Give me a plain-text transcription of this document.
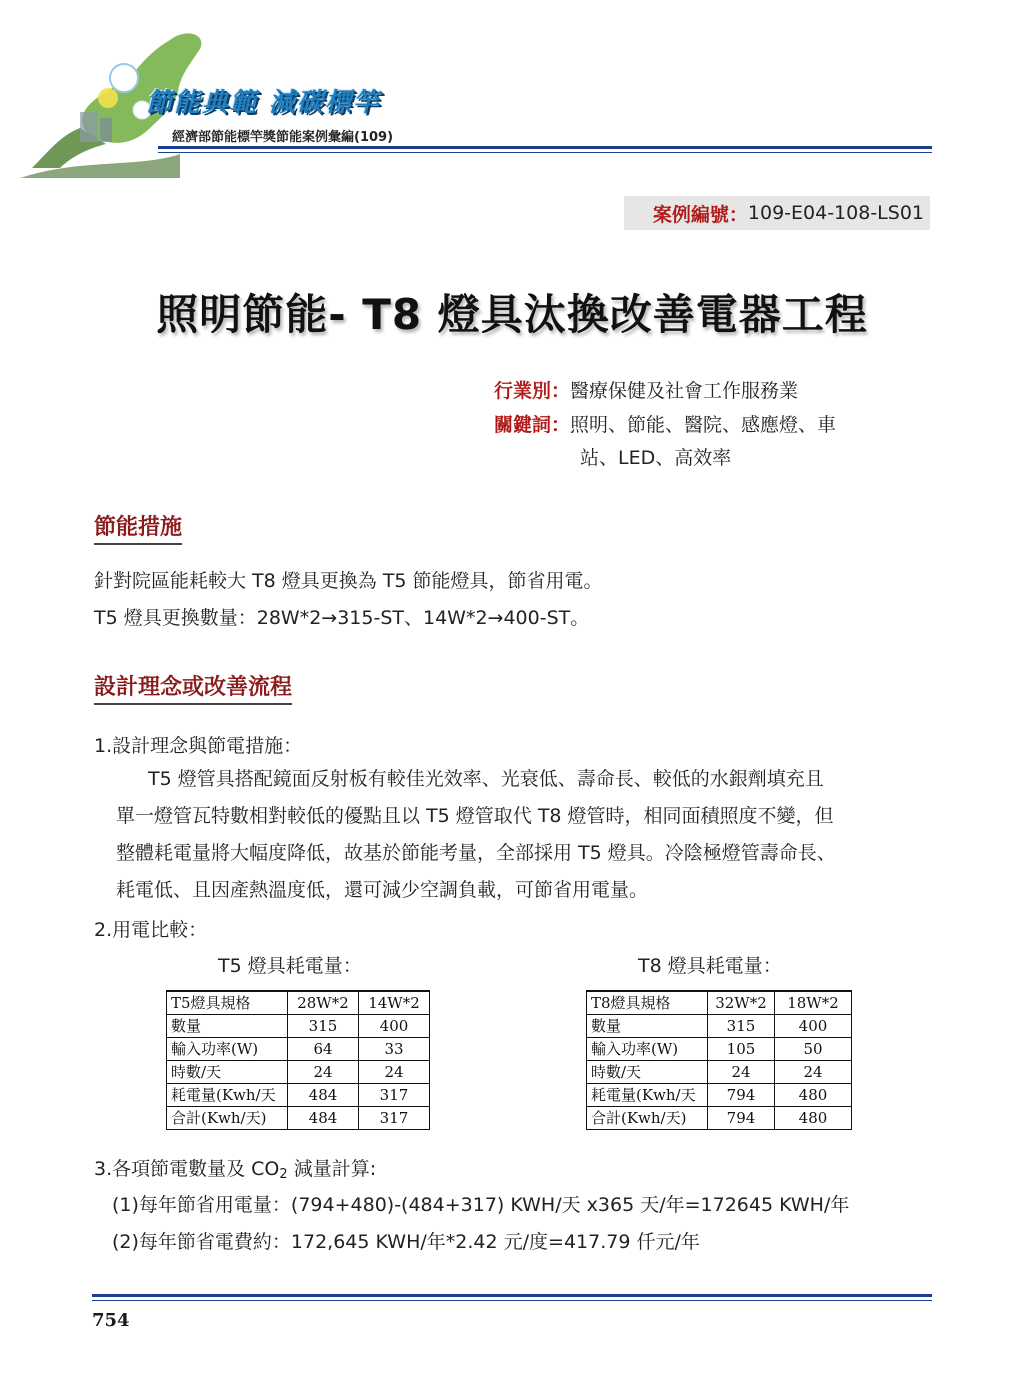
節能典範 減碳標竿
經濟部節能標竿獎節能案例彙編(109)
案例編號： 109-E04-108-LS01
照明節能- T8 燈具汰換改善電器工程
行業別：醫療保健及社會工作服務業
關鍵詞：照明、節能、醫院、感應燈、車
站、LED、高效率
節能措施
針對院區能耗較大 T8 燈具更換為 T5 節能燈具，節省用電。
T5 燈具更換數量：28W*2→315-ST、14W*2→400-ST。
設計理念或改善流程
1.設計理念與節電措施：
T5 燈管具搭配鏡面反射板有較佳光效率、光衰低、壽命長、較低的水銀劑填充且
單一燈管瓦特數相對較低的優點且以 T5 燈管取代 T8 燈管時，相同面積照度不變，但
整體耗電量將大幅度降低，故基於節能考量，全部採用 T5 燈具。冷陰極燈管壽命長、
耗電低、且因產熱溫度低，還可減少空調負載，可節省用電量。
2.用電比較：
T5 燈具耗電量：	T8 燈具耗電量：
T5燈具規格	28W*2	14W*2
數量	315	400
輸入功率(W)	64	33
時數/天	24	24
耗電量(Kwh/天	484	317
合計(Kwh/天)	484	317
T8燈具規格	32W*2	18W*2
數量	315	400
輸入功率(W)	105	50
時數/天	24	24
耗電量(Kwh/天	794	480
合計(Kwh/天)	794	480
3.各項節電數量及 CO2 減量計算:
(1)每年節省用電量：(794+480)-(484+317) KWH/天 x365 天/年=172645 KWH/年
(2)每年節省電費約：172,645 KWH/年*2.42 元/度=417.79 仟元/年
754
